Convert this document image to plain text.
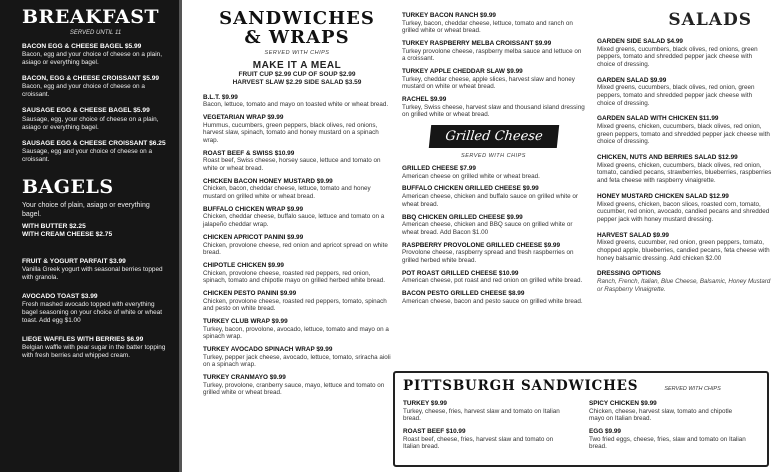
BREAKFAST
SERVED UNTIL 11
BACON EGG & CHEESE BAGEL $5.99
Bacon, egg and your choice of cheese on a plain, asiago or everything bagel.
BACON, EGG & CHEESE CROISSANT $5.99
Bacon, egg and your choice of cheese on a croissant.
SAUSAGE EGG & CHEESE BAGEL $5.99
Sausage, egg, your choice of cheese on a plain, asiago or everything bagel.
SAUSAGE EGG & CHEESE CROISSANT $6.25
Sausage, egg and your choice of cheese on a croissant.
BAGELS
Your choice of plain, asiago or everything bagel.
WITH BUTTER $2.25
WITH CREAM CHEESE $2.75
FRUIT & YOGURT PARFAIT $3.99
Vanilla Greek yogurt with seasonal berries topped with granola.
AVOCADO TOAST $3.99
Fresh mashed avocado topped with everything bagel seasoning on your choice of white or wheat toast. Add egg $1.00
LIEGE WAFFLES WITH BERRIES $6.99
Belgian waffle with pear sugar in the batter topping with fresh berries and whipped cream.
SANDWICHES
& WRAPS
SERVED WITH CHIPS
MAKE IT A MEAL
FRUIT CUP $2.99 CUP OF SOUP $2.99
HARVEST SLAW $2.29 SIDE SALAD $3.59
B.L.T. $9.99
Bacon, lettuce, tomato and mayo on toasted white or wheat bread.
VEGETARIAN WRAP $9.99
Hummus, cucumbers, green peppers, black olives, red onions, harvest slaw, spinach, tomato and honey mustard on a spinach wrap.
ROAST BEEF & SWISS $10.99
Roast beef, Swiss cheese, horsey sauce, lettuce and tomato on white or wheat bread.
CHICKEN BACON HONEY MUSTARD $9.99
Chicken, bacon, cheddar cheese, lettuce, tomato and honey mustard on grilled white or wheat bread.
BUFFALO CHICKEN WRAP $9.99
Chicken, cheddar cheese, buffalo sauce, lettuce and tomato on a jalapeño cheddar wrap.
CHICKEN APRICOT PANINI $9.99
Chicken, provolone cheese, red onion and apricot spread on white bread.
CHIPOTLE CHICKEN $9.99
Chicken, provolone cheese, roasted red peppers, red onion, spinach, tomato and chipotle mayo on grilled herbed white bread.
CHICKEN PESTO PANINI $9.99
Chicken, provolone cheese, roasted red peppers, tomato, spinach and pesto on white bread.
TURKEY CLUB WRAP $9.99
Turkey, bacon, provolone, avocado, lettuce, tomato and mayo on a spinach wrap.
TURKEY AVOCADO SPINACH WRAP $9.99
Turkey, pepper jack cheese, avocado, lettuce, tomato, sriracha aioli on a spinach wrap.
TURKEY CRANMAYO $9.99
Turkey, provolone, cranberry sauce, mayo, lettuce and tomato on grilled white or wheat bread.
TURKEY BACON RANCH $9.99
Turkey, bacon, cheddar cheese, lettuce, tomato and ranch on grilled white or wheat bread.
TURKEY RASPBERRY MELBA CROISSANT $9.99
Turkey provolone cheese, raspberry melba sauce and lettuce on a croissant.
TURKEY APPLE CHEDDAR SLAW $9.99
Turkey, cheddar cheese, apple slices, harvest slaw and honey mustard on white or wheat bread.
RACHEL $9.99
Turkey, Swiss cheese, harvest slaw and thousand island dressing on grilled white or wheat bread.
Grilled Cheese
SERVED WITH CHIPS
GRILLED CHEESE $7.99
American cheese on grilled white or wheat bread.
BUFFALO CHICKEN GRILLED CHEESE $9.99
American cheese, chicken and buffalo sauce on grilled white or wheat bread.
BBQ CHICKEN GRILLED CHEESE $9.99
American cheese, chicken and BBQ sauce on grilled white or wheat bread. Add Bacon $1.00
RASPBERRY PROVOLONE GRILLED CHEESE $9.99
Provolone cheese, raspberry spread and fresh raspberries on grilled herbed white bread.
POT ROAST GRILLED CHEESE $10.99
American cheese, pot roast and red onion on grilled white bread.
BACON PESTO GRILLED CHEESE $8.99
American cheese, bacon and pesto sauce on grilled white bread.
SALADS
GARDEN SIDE SALAD $4.99
Mixed greens, cucumbers, black olives, red onions, green peppers, tomato and shredded pepper jack cheese with choice of dressing.
GARDEN SALAD $9.99
Mixed greens, cucumbers, black olives, red onion, green peppers, tomato and shredded pepper jack cheese with choice of dressing.
GARDEN SALAD WITH CHICKEN $11.99
Mixed greens, chicken, cucumbers, black olives, red onion, green peppers, tomato and shredded pepper jack cheese with choice of dressing.
CHICKEN, NUTS AND BERRIES SALAD $12.99
Mixed greens, chicken, cucumbers, black olives, red onion, tomato, candied pecans, strawberries, blueberries, raspberries and feta cheese with raspberry vinaigrette.
HONEY MUSTARD CHICKEN SALAD $12.99
Mixed greens, chicken, bacon slices, roasted corn, tomato, cucumber, red onion, avocado, candied pecans and shredded pepper jack with honey mustard dressing.
HARVEST SALAD $9.99
Mixed greens, cucumber, red onion, green peppers, tomato, chopped apple, blueberries, candied pecans, feta cheese with honey balsamic dressing. Add chicken $2.00
DRESSING OPTIONS
Ranch, French, Italian, Blue Cheese, Balsamic, Honey Mustard or Raspberry Vinaigrette.
PITTSBURGH SANDWICHES	SERVED WITH CHIPS
TURKEY $9.99
Turkey, cheese, fries, harvest slaw and tomato on Italian bread.
ROAST BEEF $10.99
Roast beef, cheese, fries, harvest slaw and tomato on Italian bread.
SPICY CHICKEN $9.99
Chicken, cheese, harvest slaw, tomato and chipotle mayo on Italian bread.
EGG $9.99
Two fried eggs, cheese, fries, slaw and tomato on Italian bread.
